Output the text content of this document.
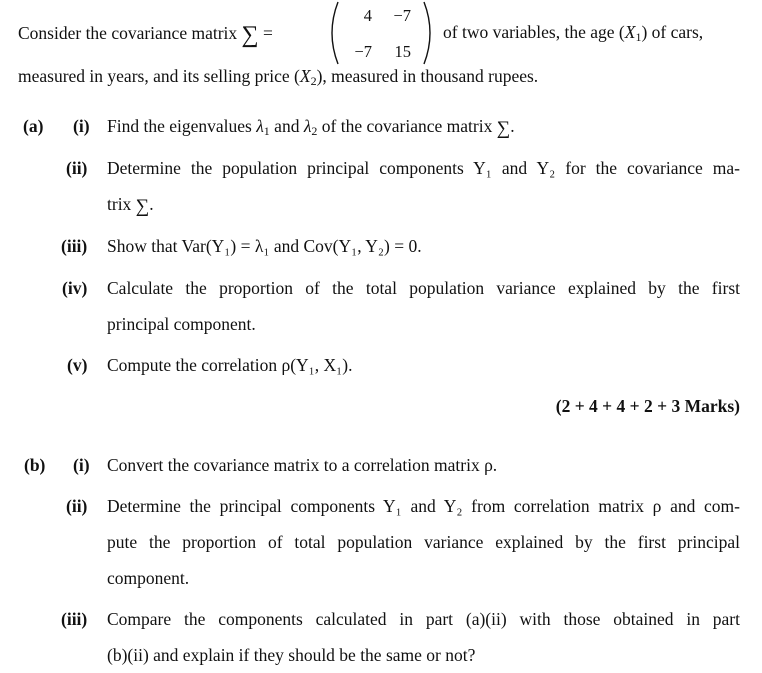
Consider the covariance matrix ∑ =
4	−7
−7	15
of two variables, the age $(X_1)$ of cars,
measured in years, and its selling price $(X_2)$, measured in thousand rupees.
(a) (i) Find the eigenvalues $\lambda_1$ and $\lambda_2$ of the covariance matrix ∑.
(ii) Determine the population principal components Y₁ and Y₂ for the covariance ma-
trix ∑.
(iii) Show that Var(Y₁) = λ₁ and Cov(Y₁, Y₂) = 0.
(iv) Calculate the proportion of the total population variance explained by the first
principal component.
(v) Compute the correlation ρ(Y₁, X₁).
(2 + 4 + 4 + 2 + 3 Marks)
(b) (i) Convert the covariance matrix to a correlation matrix ρ.
(ii) Determine the principal components Y₁ and Y₂ from correlation matrix ρ and com-
pute the proportion of total population variance explained by the first principal
component.
(iii) Compare the components calculated in part (a)(ii) with those obtained in part
(b)(ii) and explain if they should be the same or not?
